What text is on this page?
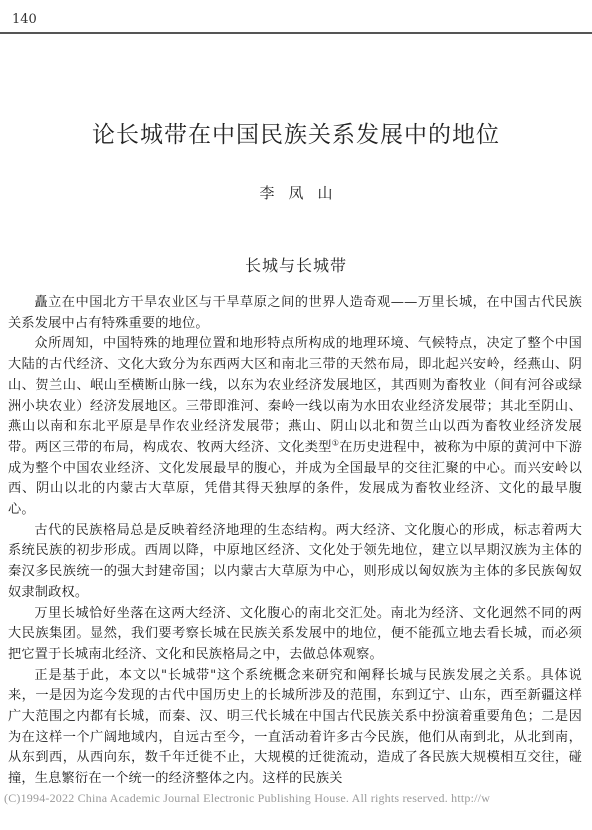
140
论长城带在中国民族关系发展中的地位
李凤山
长城与长城带

矗立在中国北方干旱农业区与干旱草原之间的世界人造奇观——万里长城，在中国古代民族关系发展中占有特殊重要的地位。

众所周知，中国特殊的地理位置和地形特点所构成的地理环境、气候特点，决定了整个中国大陆的古代经济、文化大致分为东西两大区和南北三带的天然布局，即北起兴安岭，经燕山、阴山、贺兰山、岷山至横断山脉一线，以东为农业经济发展地区，其西则为畜牧业（间有河谷或绿洲小块农业）经济发展地区。三带即淮河、秦岭一线以南为水田农业经济发展带；其北至阴山、燕山以南和东北平原是旱作农业经济发展带；燕山、阴山以北和贺兰山以西为畜牧业经济发展带。两区三带的布局，构成农、牧两大经济、文化类型①在历史进程中，被称为中原的黄河中下游成为整个中国农业经济、文化发展最早的腹心，并成为全国最早的交往汇聚的中心。而兴安岭以西、阴山以北的内蒙古大草原，凭借其得天独厚的条件，发展成为畜牧业经济、文化的最早腹心。

古代的民族格局总是反映着经济地理的生态结构。两大经济、文化腹心的形成，标志着两大系统民族的初步形成。西周以降，中原地区经济、文化处于领先地位，建立以早期汉族为主体的秦汉多民族统一的强大封建帝国；以内蒙古大草原为中心，则形成以匈奴族为主体的多民族匈奴奴隶制政权。

万里长城恰好坐落在这两大经济、文化腹心的南北交汇处。南北为经济、文化迥然不同的两大民族集团。显然，我们要考察长城在民族关系发展中的地位，便不能孤立地去看长城，而必须把它置于长城南北经济、文化和民族格局之中，去做总体观察。

正是基于此，本文以"长城带"这个系统概念来研究和阐释长城与民族发展之关系。具体说来，一是因为迄今发现的古代中国历史上的长城所涉及的范围，东到辽宁、山东，西至新疆这样广大范围之内都有长城，而秦、汉、明三代长城在中国古代民族关系中扮演着重要角色；二是因为在这样一个广阔地域内，自远古至今，一直活动着许多古今民族，他们从南到北，从北到南，从东到西，从西向东，数千年迁徙不止，大规模的迁徙流动，造成了各民族大规模相互交往，碰撞，生息繁衍在一个统一的经济整体之内。这样的民族关

(C)1994-2022 China Academic Journal Electronic Publishing House. All rights reserved. http://w
